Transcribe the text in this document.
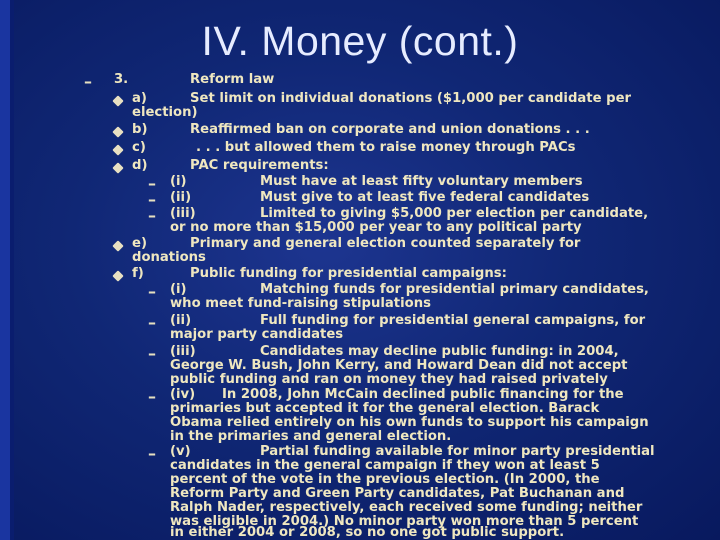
IV. Money (cont.)
– 3.	Reform law
a)	Set limit on individual donations ($1,000 per candidate per
election)
b)	Reaffirmed ban on corporate and union donations . . .
c)	. . . but allowed them to raise money through PACs
d)	PAC requirements:
– (i)	Must have at least fifty voluntary members
– (ii)	Must give to at least five federal candidates
– (iii)	Limited to giving $5,000 per election per candidate,
or no more than $15,000 per year to any political party
e)	Primary and general election counted separately for
donations
f)	Public funding for presidential campaigns:
– (i)	Matching funds for presidential primary candidates,
who meet fund-raising stipulations
– (ii)	Full funding for presidential general campaigns, for
major party candidates
– (iii)	Candidates may decline public funding: in 2004,
George W. Bush, John Kerry, and Howard Dean did not accept
public funding and ran on money they had raised privately
– (iv) In 2008, John McCain declined public financing for the
primaries but accepted it for the general election. Barack
Obama relied entirely on his own funds to support his campaign
in the primaries and general election.
– (v)	Partial funding available for minor party presidential
candidates in the general campaign if they won at least 5
percent of the vote in the previous election. (In 2000, the
Reform Party and Green Party candidates, Pat Buchanan and
Ralph Nader, respectively, each received some funding; neither
was eligible in 2004.) No minor party won more than 5 percent
in either 2004 or 2008, so no one got public support.
